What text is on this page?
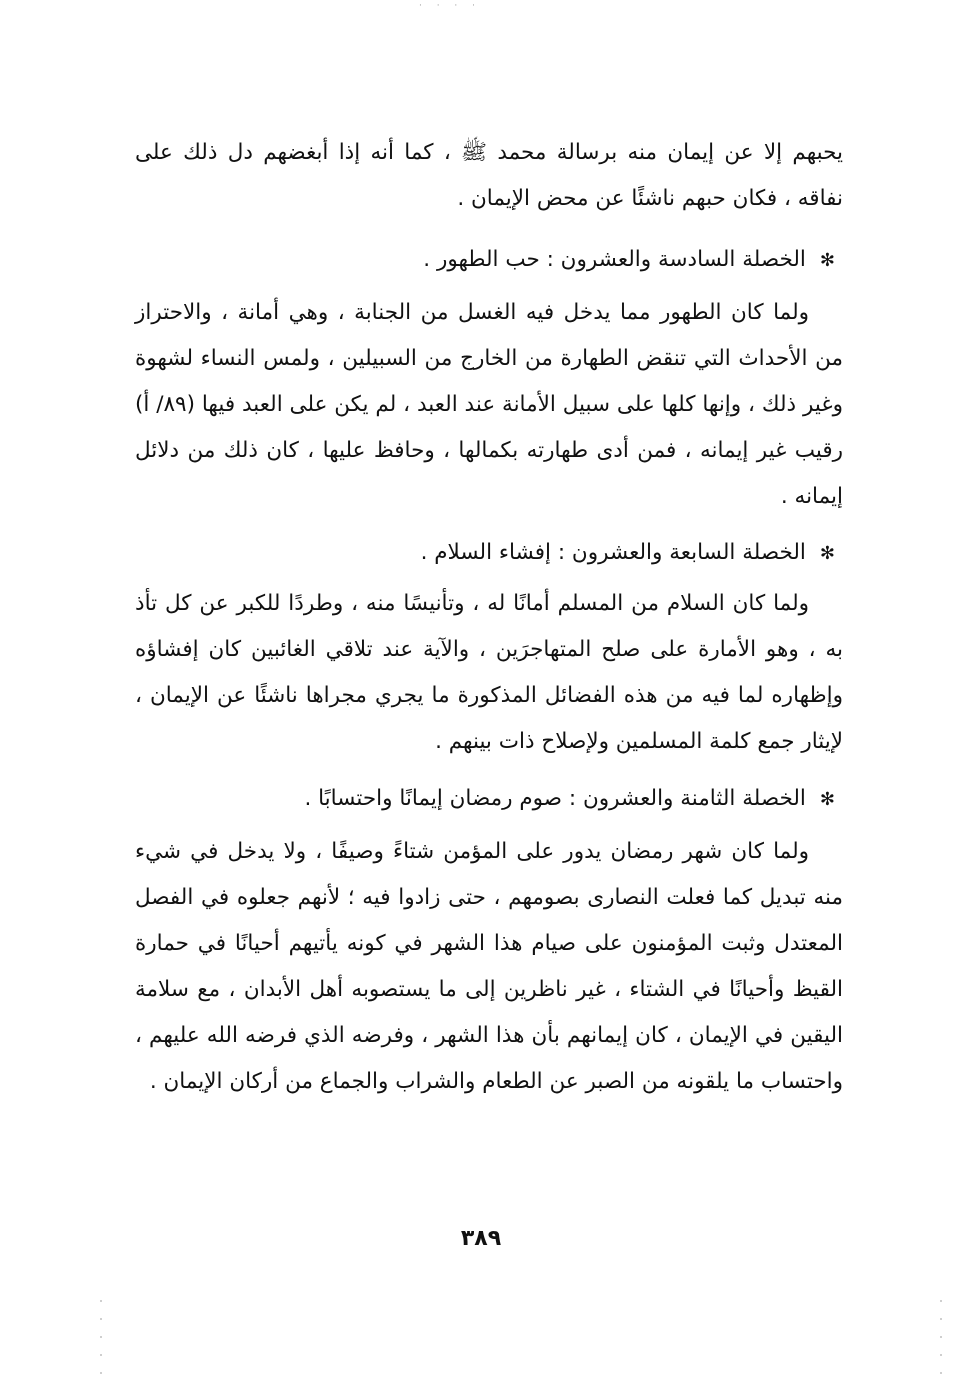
· · · ·

يحبهم إلا عن إيمان منه برسالة محمد ﷺ ، كما أنه إذا أبغضهم دل ذلك على نفاقه ، فكان حبهم ناشئًا عن محض الإيمان .

✻الخصلة السادسة والعشرون : حب الطهور .

ولما كان الطهور مما يدخل فيه الغسل من الجنابة ، وهي أمانة ، والاحتراز من الأحداث التي تنقض الطهارة من الخارج من السبيلين ، ولمس النساء لشهوة وغير ذلك ، وإنها كلها على سبيل الأمانة عند العبد ، لم يكن على العبد فيها (٨٩/ أ) رقيب غير إيمانه ، فمن أدى طهارته بكمالها ، وحافظ عليها ، كان ذلك من دلائل إيمانه .

✻الخصلة السابعة والعشرون : إفشاء السلام .

ولما كان السلام من المسلم أمانًا له ، وتأنيسًا منه ، وطردًا للكبر عن كل تأذ به ، وهو الأمارة على صلح المتهاجرَين ، والآية عند تلاقي الغائبين كان إفشاؤه وإظهاره لما فيه من هذه الفضائل المذكورة ما يجري مجراها ناشئًا عن الإيمان ، لإيثار جمع كلمة المسلمين ولإصلاح ذات بينهم .

✻الخصلة الثامنة والعشرون : صوم رمضان إيمانًا واحتسابًا .

ولما كان شهر رمضان يدور على المؤمن شتاءً وصيفًا ، ولا يدخل في شيء منه تبديل كما فعلت النصارى بصومهم ، حتى زادوا فيه ؛ لأنهم جعلوه في الفصل المعتدل وثبت المؤمنون على صيام هذا الشهر في كونه يأتيهم أحيانًا في حمارة القيظ وأحيانًا في الشتاء ، غير ناظرين إلى ما يستصوبه أهل الأبدان ، مع سلامة اليقين في الإيمان ، كان إيمانهم بأن هذا الشهر ، وفرضه الذي فرضه الله عليهم ، واحتساب ما يلقونه من الصبر عن الطعام والشراب والجماع من أركان الإيمان .

٣٨٩
